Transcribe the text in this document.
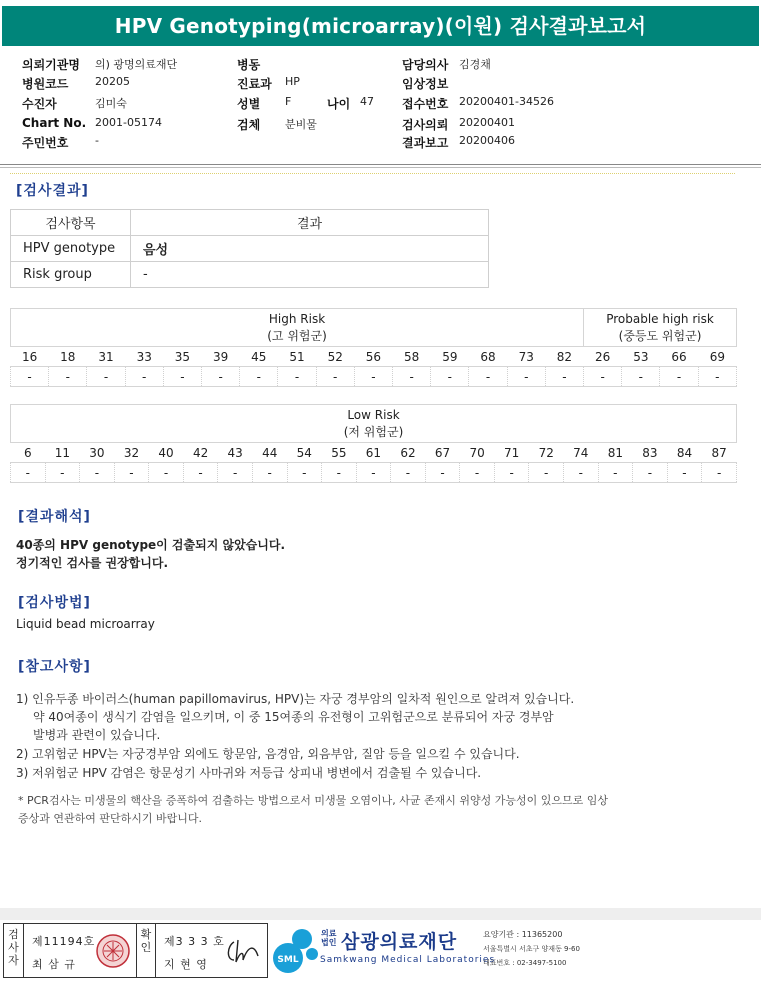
HPV Genotyping(microarray)(이원) 검사결과보고서
의뢰기관명 의) 광명의료재단
병원코드 20205
수진자	김미숙
Chart No. 2001-05174
주민번호 -
병동
진료과 HP
성별 F	나이 47
검체 분비물
담당의사 김경채
임상정보
접수번호 20200401-34526
검사의뢰 20200401
결과보고 20200406
[검사결과]
검사항목	결과
HPV genotype	음성
Risk group	-
High Risk
(고 위험군)															Probable high risk
(중등도 위험군)			
16	18	31	33	35	39	45	51	52	56	58	59	68	73	82	26	53	66	69
-	-	-	-	-	-	-	-	-	-	-	-	-	-	-	-	-	-	-
Low Risk
(저 위험군)																				
6	11	30	32	40	42	43	44	54	55	61	62	67	70	71	72	74	81	83	84	87
-	-	-	-	-	-	-	-	-	-	-	-	-	-	-	-	-	-	-	-	-
[결과해석]
40종의 HPV genotype이 검출되지 않았습니다.
정기적인 검사를 권장합니다.
[검사방법]
Liquid bead microarray
[참고사항]
1) 인유두종 바이러스(human papillomavirus, HPV)는 자궁 경부암의 일차적 원인으로 알려져 있습니다.
약 40여종이 생식기 감염을 일으키며, 이 중 15여종의 유전형이 고위험군으로 분류되어 자궁 경부암
발병과 관련이 있습니다.
2) 고위험군 HPV는 자궁경부암 외에도 항문암, 음경암, 외음부암, 질암 등을 일으킬 수 있습니다.
3) 저위험군 HPV 감염은 항문성기 사마귀와 저등급 상피내 병변에서 검출될 수 있습니다.
* PCR검사는 미생물의 핵산을 증폭하여 검출하는 방법으로서 미생물 오염이나, 사균 존재시 위양성 가능성이 있으므로 임상
증상과 연관하여 판단하시기 바랍니다.
검
사
자
제11194호
최 삼 규
확
인	제3 3 3 호
지 현 영	SML
의료
법인 삼광의료재단
Samkwang Medical Laboratories
요양기관 : 11365200
서울특별시 서초구 양재동 9-60
대표번호 : 02-3497-5100
